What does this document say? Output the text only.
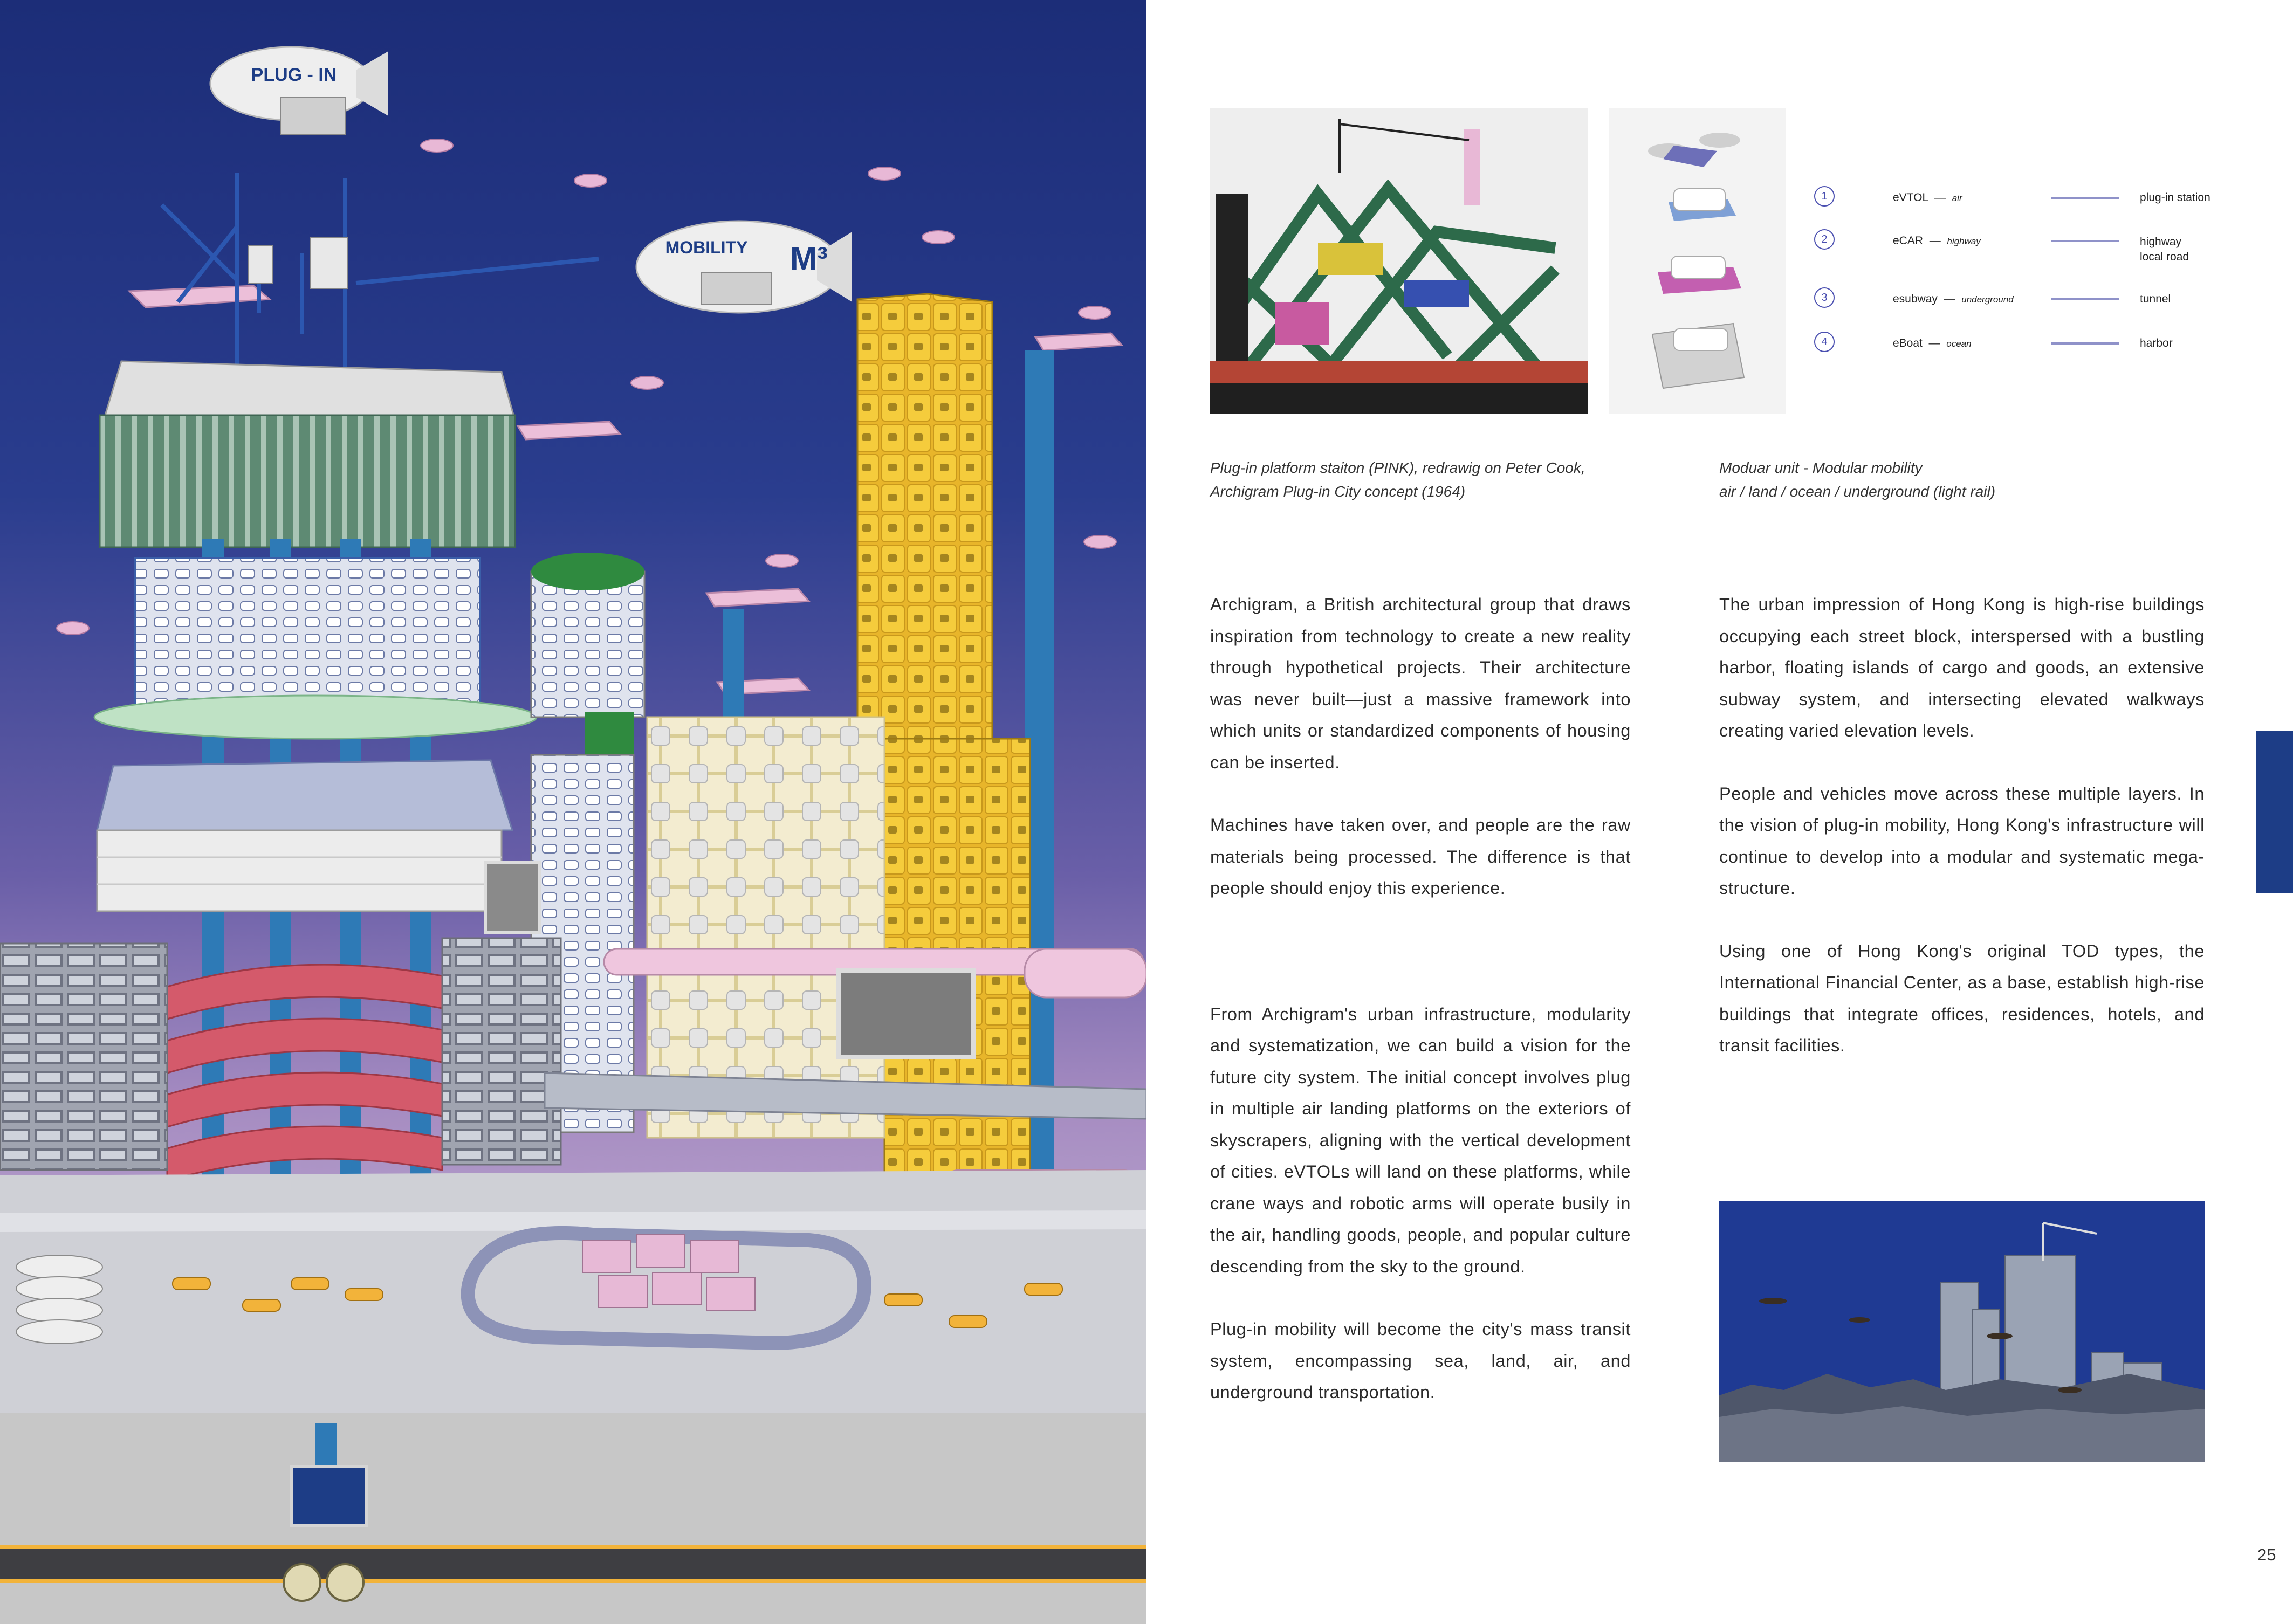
PLUG - IN
MOBILITY M³
1	eVTOL  —  air	plug-in station
2	eCAR  —  highway	highway
local road
3	esubway  —  underground	tunnel
4	eBoat  —  ocean	harbor
Plug-in platform staiton (PINK), redrawig on Peter Cook,
Archigram Plug-in City concept (1964)
Moduar unit - Modular mobility
air / land / ocean / underground (light rail)

Archigram, a British architectural group that draws inspiration from technology to create a new reality through hypothetical projects. Their architecture was never built—just a massive framework into which units or standardized components of housing can be inserted.

Machines have taken over, and people are the raw materials being processed. The difference is that people should enjoy this experience.

From Archigram's urban infrastructure, modularity and systematization, we can build a vision for the future city system. The initial concept involves plug in multiple air landing platforms on the exteriors of skyscrapers, aligning with the vertical development of cities. eVTOLs will land on these platforms, while crane ways and robotic arms will operate busily in the air, handling goods, people, and popular culture descending from the sky to the ground.

Plug-in mobility will become the city's mass transit system, encompassing sea, land, air, and underground transportation.

The urban impression of Hong Kong is high-rise buildings occupying each street block, interspersed with a bustling harbor, floating islands of cargo and goods, an extensive subway system, and intersecting elevated walkways creating varied elevation levels.

People and vehicles move across these multiple layers. In the vision of plug-in mobility, Hong Kong's infrastructure will continue to develop into a modular and systematic mega-structure.

Using one of Hong Kong's original TOD types, the International Financial Center, as a base, establish high-rise buildings that integrate offices, residences, hotels, and transit facilities.

25
